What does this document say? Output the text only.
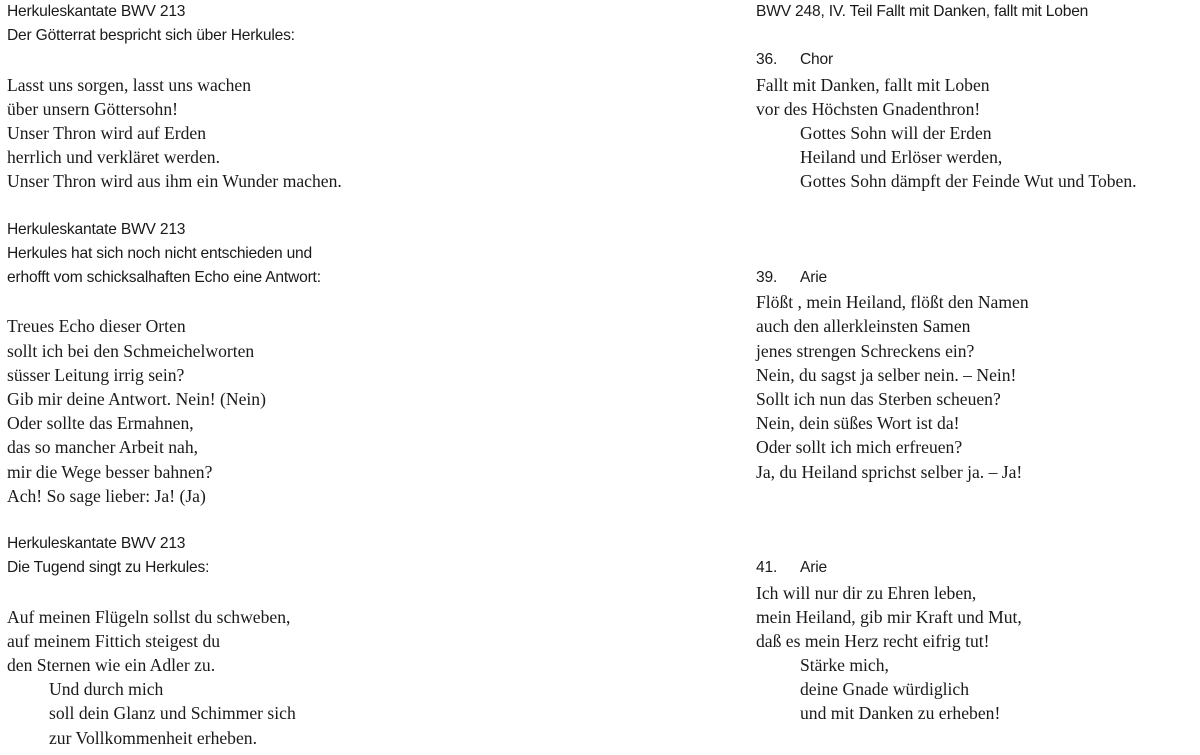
Herkuleskantate BWV 213
Der Götterrat bespricht sich über Herkules:
Lasst uns sorgen, lasst uns wachen
über unsern Göttersohn!
Unser Thron wird auf Erden
herrlich und verkläret werden.
Unser Thron wird aus ihm ein Wunder machen.
Herkuleskantate BWV 213
Herkules hat sich noch nicht entschieden und
erhofft vom schicksalhaften Echo eine Antwort:
Treues Echo dieser Orten
sollt ich bei den Schmeichelworten
süsser Leitung irrig sein?
Gib mir deine Antwort. Nein! (Nein)
Oder sollte das Ermahnen,
das so mancher Arbeit nah,
mir die Wege besser bahnen?
Ach! So sage lieber: Ja! (Ja)
Herkuleskantate BWV 213
Die Tugend singt zu Herkules:
Auf meinen Flügeln sollst du schweben,
auf meinem Fittich steigest du
den Sternen wie ein Adler zu.
Und durch mich
soll dein Glanz und Schimmer sich
zur Vollkommenheit erheben.
BWV 248, IV. Teil Fallt mit Danken, fallt mit Loben
36. Chor
Fallt mit Danken, fallt mit Loben
vor des Höchsten Gnadenthron!
Gottes Sohn will der Erden
Heiland und Erlöser werden,
Gottes Sohn dämpft der Feinde Wut und Toben.
39. Arie
Flößt , mein Heiland, flößt den Namen
auch den allerkleinsten Samen
jenes strengen Schreckens ein?
Nein, du sagst ja selber nein. – Nein!
Sollt ich nun das Sterben scheuen?
Nein, dein süßes Wort ist da!
Oder sollt ich mich erfreuen?
Ja, du Heiland sprichst selber ja. – Ja!
41. Arie
Ich will nur dir zu Ehren leben,
mein Heiland, gib mir Kraft und Mut,
daß es mein Herz recht eifrig tut!
Stärke mich,
deine Gnade würdiglich
und mit Danken zu erheben!
